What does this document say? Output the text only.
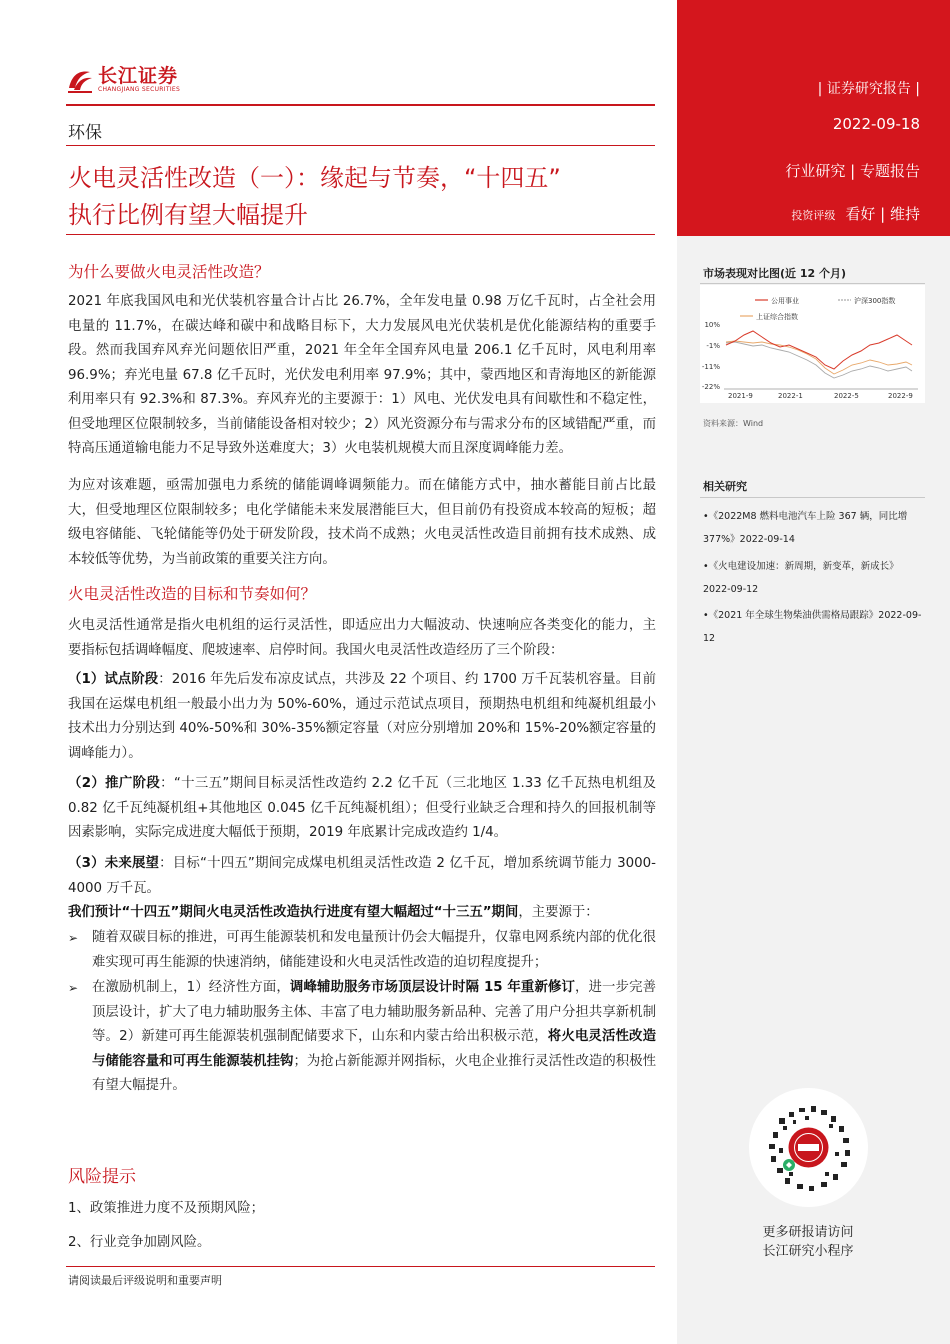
| 证券研究报告 |
2022-09-18
行业研究 | 专题报告
投资评级 看好 | 维持
长江证券
CHANGJIANG SECURITIES
环保
火电灵活性改造（一）：缘起与节奏，“十四五”
执行比例有望大幅提升
为什么要做火电灵活性改造？
2021 年底我国风电和光伏装机容量合计占比 26.7%，全年发电量 0.98 万亿千瓦时，占全社会用电量的 11.7%，在碳达峰和碳中和战略目标下，大力发展风电光伏装机是优化能源结构的重要手段。然而我国弃风弃光问题依旧严重，2021 年全年全国弃风电量 206.1 亿千瓦时，风电利用率 96.9%；弃光电量 67.8 亿千瓦时，光伏发电利用率 97.9%；其中，蒙西地区和青海地区的新能源利用率只有 92.3%和 87.3%。弃风弃光的主要源于：1）风电、光伏发电具有间歇性和不稳定性，但受地理区位限制较多，当前储能设备相对较少；2）风光资源分布与需求分布的区域错配严重，而特高压通道输电能力不足导致外送难度大；3）火电装机规模大而且深度调峰能力差。
为应对该难题，亟需加强电力系统的储能调峰调频能力。而在储能方式中，抽水蓄能目前占比最大，但受地理区位限制较多；电化学储能未来发展潜能巨大，但目前仍有投资成本较高的短板；超级电容储能、飞轮储能等仍处于研发阶段，技术尚不成熟；火电灵活性改造目前拥有技术成熟、成本较低等优势，为当前政策的重要关注方向。
火电灵活性改造的目标和节奏如何？
火电灵活性通常是指火电机组的运行灵活性，即适应出力大幅波动、快速响应各类变化的能力，主要指标包括调峰幅度、爬坡速率、启停时间。我国火电灵活性改造经历了三个阶段：
（1）试点阶段：2016 年先后发布凉皮试点，共涉及 22 个项目、约 1700 万千瓦装机容量。目前我国在运煤电机组一般最小出力为 50%-60%，通过示范试点项目，预期热电机组和纯凝机组最小技术出力分别达到 40%-50%和 30%-35%额定容量（对应分别增加 20%和 15%-20%额定容量的调峰能力）。
（2）推广阶段：“十三五”期间目标灵活性改造约 2.2 亿千瓦（三北地区 1.33 亿千瓦热电机组及 0.82 亿千瓦纯凝机组+其他地区 0.045 亿千瓦纯凝机组）；但受行业缺乏合理和持久的回报机制等因素影响，实际完成进度大幅低于预期，2019 年底累计完成改造约 1/4。
（3）未来展望：目标“十四五”期间完成煤电机组灵活性改造 2 亿千瓦，增加系统调节能力 3000-4000 万千瓦。
我们预计“十四五”期间火电灵活性改造执行进度有望大幅超过“十三五”期间，主要源于：
➢ 随着双碳目标的推进，可再生能源装机和发电量预计仍会大幅提升，仅靠电网系统内部的优化很难实现可再生能源的快速消纳，储能建设和火电灵活性改造的迫切程度提升；
➢ 在激励机制上，1）经济性方面，调峰辅助服务市场顶层设计时隔 15 年重新修订，进一步完善顶层设计，扩大了电力辅助服务主体、丰富了电力辅助服务新品种、完善了用户分担共享新机制等。2）新建可再生能源装机强制配储要求下，山东和内蒙古给出积极示范，将火电灵活性改造与储能容量和可再生能源装机挂钩；为抢占新能源并网指标，火电企业推行灵活性改造的积极性有望大幅提升。
风险提示
1、政策推进力度不及预期风险；
2、行业竞争加剧风险。
请阅读最后评级说明和重要声明
市场表现对比图(近 12 个月)
公用事业	沪深300指数
上证综合指数
10%
-1%
-11%
-22%
2021-9	2022-1	2022-5	2022-9
资料来源：Wind
相关研究
•《2022M8 燃料电池汽车上险 367 辆，同比增 377%》2022-09-14
•《火电建设加速：新周期，新变革，新成长》2022-09-12
•《2021 年全球生物柴油供需格局跟踪》2022-09-12
更多研报请访问
长江研究小程序
